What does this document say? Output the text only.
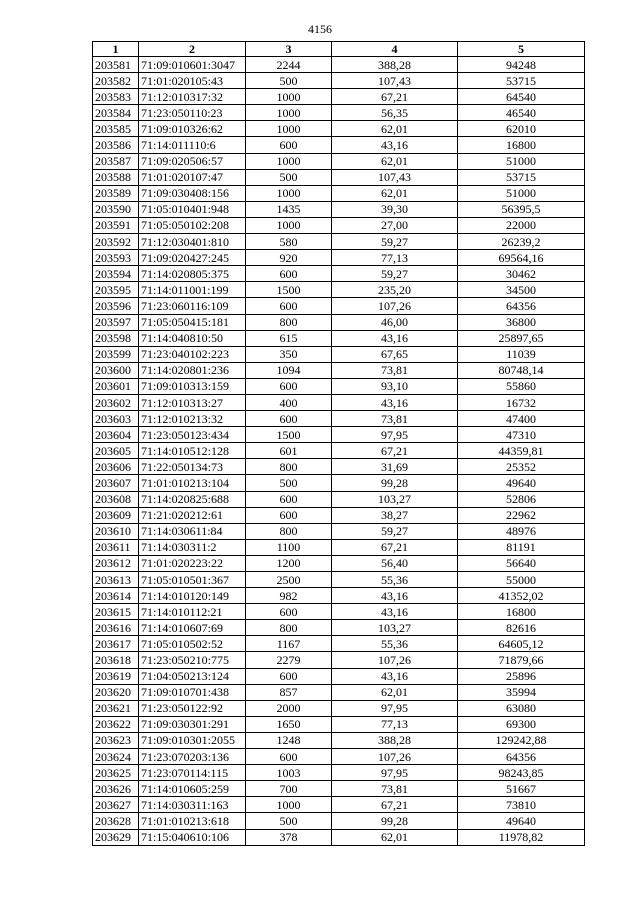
4156
1	2	3	4	5
203581	71:09:010601:3047	2244	388,28	94248
203582	71:01:020105:43	500	107,43	53715
203583	71:12:010317:32	1000	67,21	64540
203584	71:23:050110:23	1000	56,35	46540
203585	71:09:010326:62	1000	62,01	62010
203586	71:14:011110:6	600	43,16	16800
203587	71:09:020506:57	1000	62,01	51000
203588	71:01:020107:47	500	107,43	53715
203589	71:09:030408:156	1000	62,01	51000
203590	71:05:010401:948	1435	39,30	56395,5
203591	71:05:050102:208	1000	27,00	22000
203592	71:12:030401:810	580	59,27	26239,2
203593	71:09:020427:245	920	77,13	69564,16
203594	71:14:020805:375	600	59,27	30462
203595	71:14:011001:199	1500	235,20	34500
203596	71:23:060116:109	600	107,26	64356
203597	71:05:050415:181	800	46,00	36800
203598	71:14:040810:50	615	43,16	25897,65
203599	71:23:040102:223	350	67,65	11039
203600	71:14:020801:236	1094	73,81	80748,14
203601	71:09:010313:159	600	93,10	55860
203602	71:12:010313:27	400	43,16	16732
203603	71:12:010213:32	600	73,81	47400
203604	71:23:050123:434	1500	97,95	47310
203605	71:14:010512:128	601	67,21	44359,81
203606	71:22:050134:73	800	31,69	25352
203607	71:01:010213:104	500	99,28	49640
203608	71:14:020825:688	600	103,27	52806
203609	71:21:020212:61	600	38,27	22962
203610	71:14:030611:84	800	59,27	48976
203611	71:14:030311:2	1100	67,21	81191
203612	71:01:020223:22	1200	56,40	56640
203613	71:05:010501:367	2500	55,36	55000
203614	71:14:010120:149	982	43,16	41352,02
203615	71:14:010112:21	600	43,16	16800
203616	71:14:010607:69	800	103,27	82616
203617	71:05:010502:52	1167	55,36	64605,12
203618	71:23:050210:775	2279	107,26	71879,66
203619	71:04:050213:124	600	43,16	25896
203620	71:09:010701:438	857	62,01	35994
203621	71:23:050122:92	2000	97,95	63080
203622	71:09:030301:291	1650	77,13	69300
203623	71:09:010301:2055	1248	388,28	129242,88
203624	71:23:070203:136	600	107,26	64356
203625	71:23:070114:115	1003	97,95	98243,85
203626	71:14:010605:259	700	73,81	51667
203627	71:14:030311:163	1000	67,21	73810
203628	71:01:010213:618	500	99,28	49640
203629	71:15:040610:106	378	62,01	11978,82
